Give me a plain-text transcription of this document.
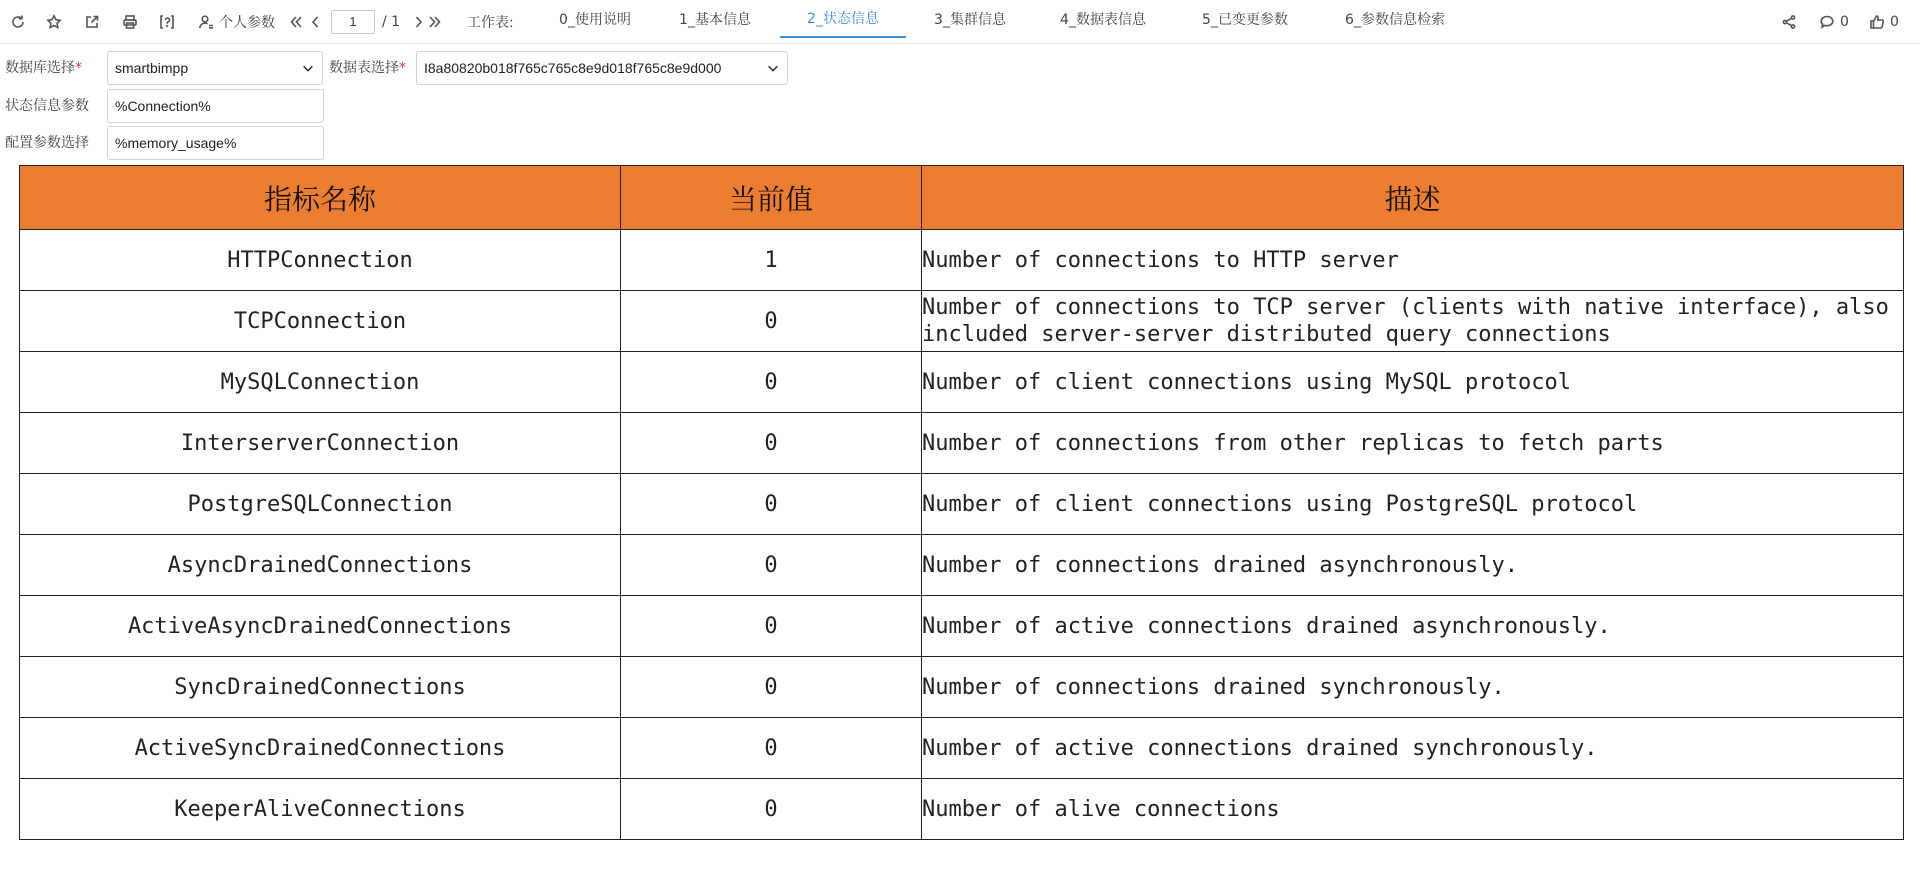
个人参数	1	/ 1	工作表:	0_使用说明	1_基本信息	2_状态信息	3_集群信息	4_数据表信息	5_已变更参数	6_参数信息检索	0	0
数据库选择*	smartbimpp	数据表选择*	I8a80820b018f765c765c8e9d018f765c8e9d000
状态信息参数	%Connection%
配置参数选择	%memory_usage%
指标名称	当前值	描述
HTTPConnection	1	Number of connections to HTTP server
TCPConnection	0	Number of connections to TCP server (clients with native interface), also included server-server distributed query connections
MySQLConnection	0	Number of client connections using MySQL protocol
InterserverConnection	0	Number of connections from other replicas to fetch parts
PostgreSQLConnection	0	Number of client connections using PostgreSQL protocol
AsyncDrainedConnections	0	Number of connections drained asynchronously.
ActiveAsyncDrainedConnections	0	Number of active connections drained asynchronously.
SyncDrainedConnections	0	Number of connections drained synchronously.
ActiveSyncDrainedConnections	0	Number of active connections drained synchronously.
KeeperAliveConnections	0	Number of alive connections
